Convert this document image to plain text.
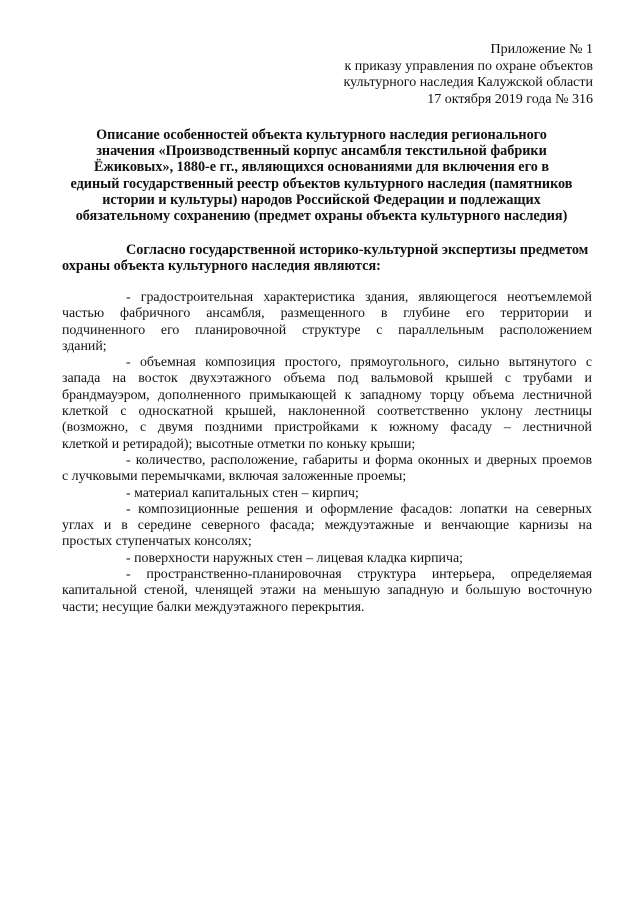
Приложение № 1
к приказу управления по охране объектов
культурного наследия Калужской области
17 октября 2019 года № 316
Описание особенностей объекта культурного наследия регионального
значения «Производственный корпус ансамбля текстильной фабрики
Ёжиковых», 1880-е гг., являющихся основаниями для включения его в
единый государственный реестр объектов культурного наследия (памятников
истории и культуры) народов Российской Федерации и подлежащих
обязательному сохранению (предмет охраны объекта культурного наследия)
Согласно государственной историко-культурной экспертизы предметом
охраны объекта культурного наследия являются:
- градостроительная характеристика здания, являющегося неотъемлемой
частью фабричного ансамбля, размещенного в глубине его территории и
подчиненного его планировочной структуре с параллельным расположением
зданий;
- объемная композиция простого, прямоугольного, сильно вытянутого с
запада на восток двухэтажного объема под вальмовой крышей с трубами и
брандмауэром, дополненного примыкающей к западному торцу объема лестничной
клеткой с односкатной крышей, наклоненной соответственно уклону лестницы
(возможно, с двумя поздними пристройками к южному фасаду – лестничной
клеткой и ретирадой); высотные отметки по коньку крыши;
- количество, расположение, габариты и форма оконных и дверных проемов
с лучковыми перемычками, включая заложенные проемы;
- материал капитальных стен – кирпич;
- композиционные решения и оформление фасадов: лопатки на северных
углах и в середине северного фасада; междуэтажные и венчающие карнизы на
простых ступенчатых консолях;
- поверхности наружных стен – лицевая кладка кирпича;
- пространственно-планировочная структура интерьера, определяемая
капитальной стеной, членящей этажи на меньшую западную и большую восточную
части; несущие балки междуэтажного перекрытия.
